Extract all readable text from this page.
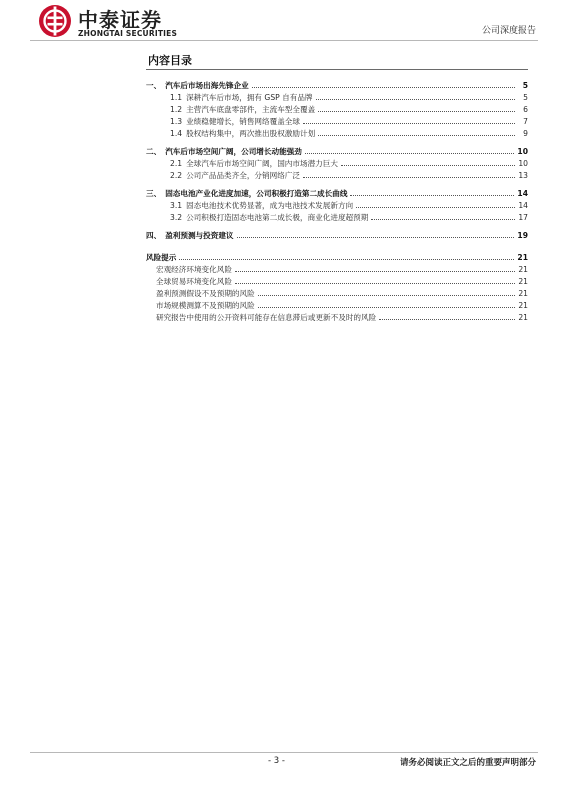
中泰证券
ZHONGTAI SECURITIES	公司深度报告
内容目录
一、 汽车后市场出海先锋企业	5
1.1 深耕汽车后市场，拥有 GSP 自有品牌	5
1.2 主营汽车底盘零部件，主流车型全覆盖	6
1.3 业绩稳健增长，销售网络覆盖全球	7
1.4 股权结构集中，两次推出股权激励计划	9
二、 汽车后市场空间广阔，公司增长动能强劲	10
2.1 全球汽车后市场空间广阔，国内市场潜力巨大	10
2.2 公司产品品类齐全，分销网络广泛	13
三、 固态电池产业化进度加速，公司积极打造第二成长曲线	14
3.1 固态电池技术优势显著，成为电池技术发展新方向	14
3.2 公司积极打造固态电池第二成长极，商业化进度超预期	17
四、 盈利预测与投资建议	19
风险提示	21
宏观经济环境变化风险	21
全球贸易环境变化风险	21
盈利预测假设不及预期的风险	21
市场规模测算不及预期的风险	21
研究报告中使用的公开资料可能存在信息滞后或更新不及时的风险	21
- 3 -	请务必阅读正文之后的重要声明部分
